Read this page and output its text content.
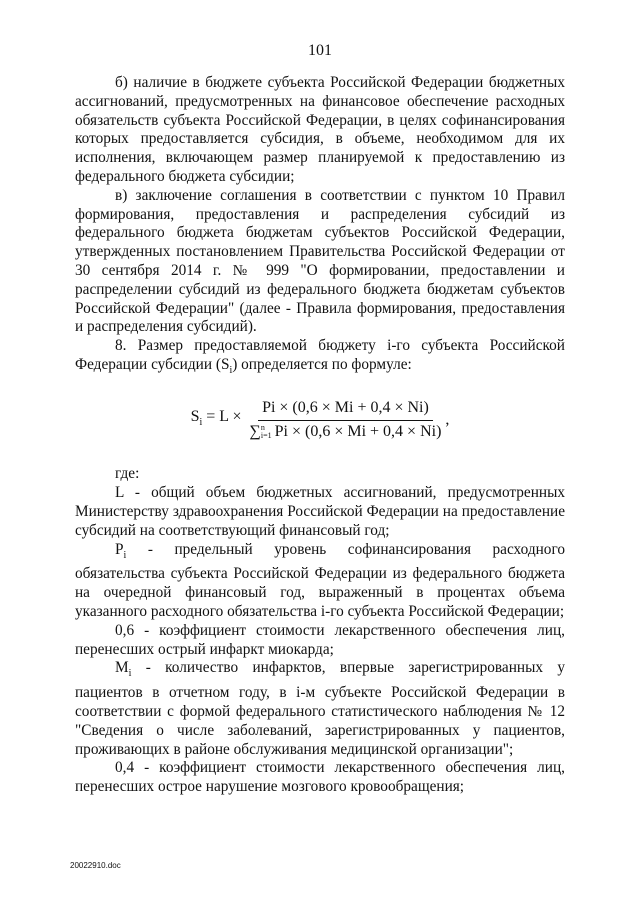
101

б) наличие в бюджете субъекта Российской Федерации бюджетных ассигнований, предусмотренных на финансовое обеспечение расходных обязательств субъекта Российской Федерации, в целях софинансирования которых предоставляется субсидия, в объеме, необходимом для их исполнения, включающем размер планируемой к предоставлению из федерального бюджета субсидии;

в) заключение соглашения в соответствии с пунктом 10 Правил формирования, предоставления и распределения субсидий из федерального бюджета бюджетам субъектов Российской Федерации, утвержденных постановлением Правительства Российской Федерации от 30 сентября 2014 г. № 999 "О формировании, предоставлении и распределении субсидий из федерального бюджета бюджетам субъектов Российской Федерации" (далее - Правила формирования, предоставления и распределения субсидий).

8. Размер предоставляемой бюджету i-го субъекта Российской Федерации субсидии $(S_i)$ определяется по формуле:

$S_i = L \times Pi \times (0,6 \times Mi + 0,4 \times Ni)$
∑ n
i=1 Pi × (0,6 × Mi + 0,4 × Ni) ,

где:

L - общий объем бюджетных ассигнований, предусмотренных Министерству здравоохранения Российской Федерации на предоставление субсидий на соответствующий финансовый год;

$P_i$ - предельный уровень софинансирования расходного обязательства субъекта Российской Федерации из федерального бюджета на очередной финансовый год, выраженный в процентах объема указанного расходного обязательства i-го субъекта Российской Федерации;

0,6 - коэффициент стоимости лекарственного обеспечения лиц, перенесших острый инфаркт миокарда;

$M_i$ - количество инфарктов, впервые зарегистрированных у пациентов в отчетном году, в i-м субъекте Российской Федерации в соответствии с формой федерального статистического наблюдения № 12 "Сведения о числе заболеваний, зарегистрированных у пациентов, проживающих в районе обслуживания медицинской организации";

0,4 - коэффициент стоимости лекарственного обеспечения лиц, перенесших острое нарушение мозгового кровообращения;

20022910.doc
